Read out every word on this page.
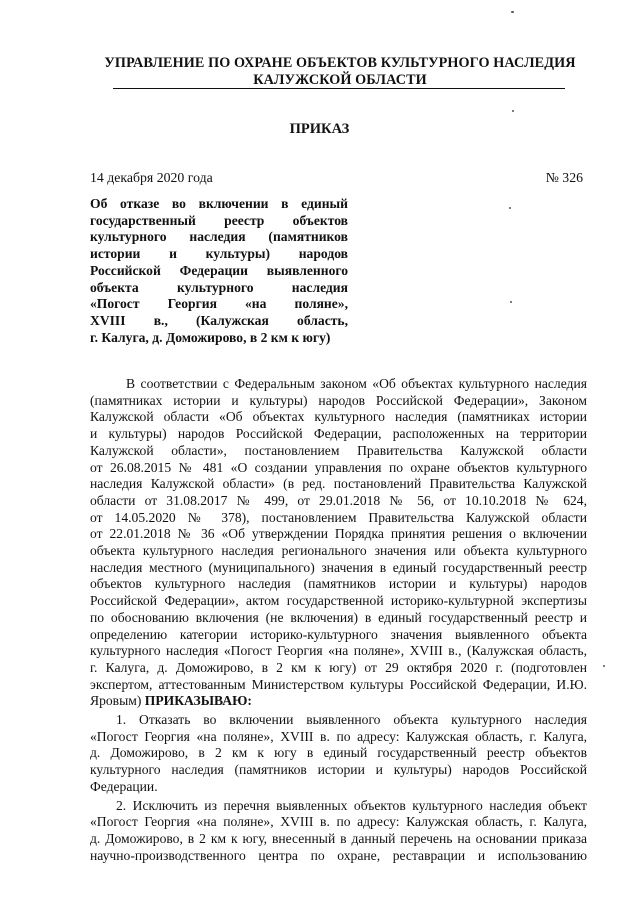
УПРАВЛЕНИЕ ПО ОХРАНЕ ОБЪЕКТОВ КУЛЬТУРНОГО НАСЛЕДИЯ
КАЛУЖСКОЙ ОБЛАСТИ
ПРИКАЗ
14 декабря 2020 года	№ 326
Об отказе во включении в единый
государственный реестр объектов
культурного наследия (памятников
истории и культуры) народов
Российской Федерации выявленного
объекта культурного наследия
«Погост Георгия «на поляне»,
XVIII в., (Калужская область,
г. Калуга, д. Доможирово, в 2 км к югу)
В соответствии с Федеральным законом «Об объектах культурного наследия
(памятниках истории и культуры) народов Российской Федерации», Законом
Калужской области «Об объектах культурного наследия (памятниках истории
и культуры) народов Российской Федерации, расположенных на территории
Калужской области», постановлением Правительства Калужской области
от 26.08.2015 № 481 «О создании управления по охране объектов культурного
наследия Калужской области» (в ред. постановлений Правительства Калужской
области от 31.08.2017 № 499, от 29.01.2018 № 56, от 10.10.2018 № 624,
от 14.05.2020 № 378), постановлением Правительства Калужской области
от 22.01.2018 № 36 «Об утверждении Порядка принятия решения о включении
объекта культурного наследия регионального значения или объекта культурного
наследия местного (муниципального) значения в единый государственный реестр
объектов культурного наследия (памятников истории и культуры) народов
Российской Федерации», актом государственной историко-культурной экспертизы
по обоснованию включения (не включения) в единый государственный реестр и
определению категории историко-культурного значения выявленного объекта
культурного наследия «Погост Георгия «на поляне», XVIII в., (Калужская область,
г. Калуга, д. Доможирово, в 2 км к югу) от 29 октября 2020 г. (подготовлен
экспертом, аттестованным Министерством культуры Российской Федерации, И.Ю.
Яровым) ПРИКАЗЫВАЮ:
1. Отказать во включении выявленного объекта культурного наследия
«Погост Георгия «на поляне», XVIII в. по адресу: Калужская область, г. Калуга,
д. Доможирово, в 2 км к югу в единый государственный реестр объектов
культурного наследия (памятников истории и культуры) народов Российской
Федерации.
2. Исключить из перечня выявленных объектов культурного наследия объект
«Погост Георгия «на поляне», XVIII в. по адресу: Калужская область, г. Калуга,
д. Доможирово, в 2 км к югу, внесенный в данный перечень на основании приказа
научно-производственного центра по охране, реставрации и использованию
